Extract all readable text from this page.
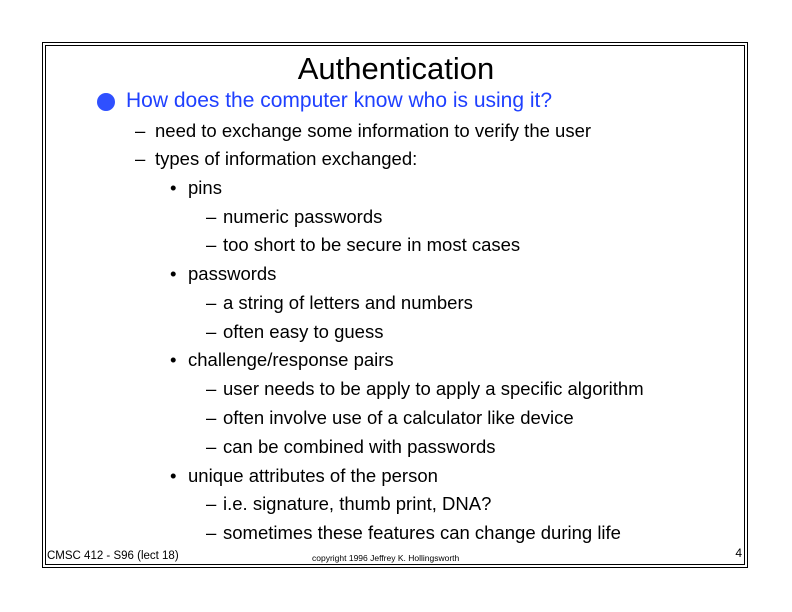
Authentication
How does the computer know who is using it?
– need to exchange some information to verify the user
– types of information exchanged:
• pins
– numeric passwords
– too short to be secure in most cases
• passwords
– a string of letters and numbers
– often easy to guess
• challenge/response pairs
– user needs to be apply to apply a specific algorithm
– often involve use of a calculator like device
– can be combined with passwords
• unique attributes of the person
– i.e. signature, thumb print, DNA?
– sometimes these features can change during life
CMSC 412 - S96 (lect 18)	copyright 1996 Jeffrey K. Hollingsworth	4
